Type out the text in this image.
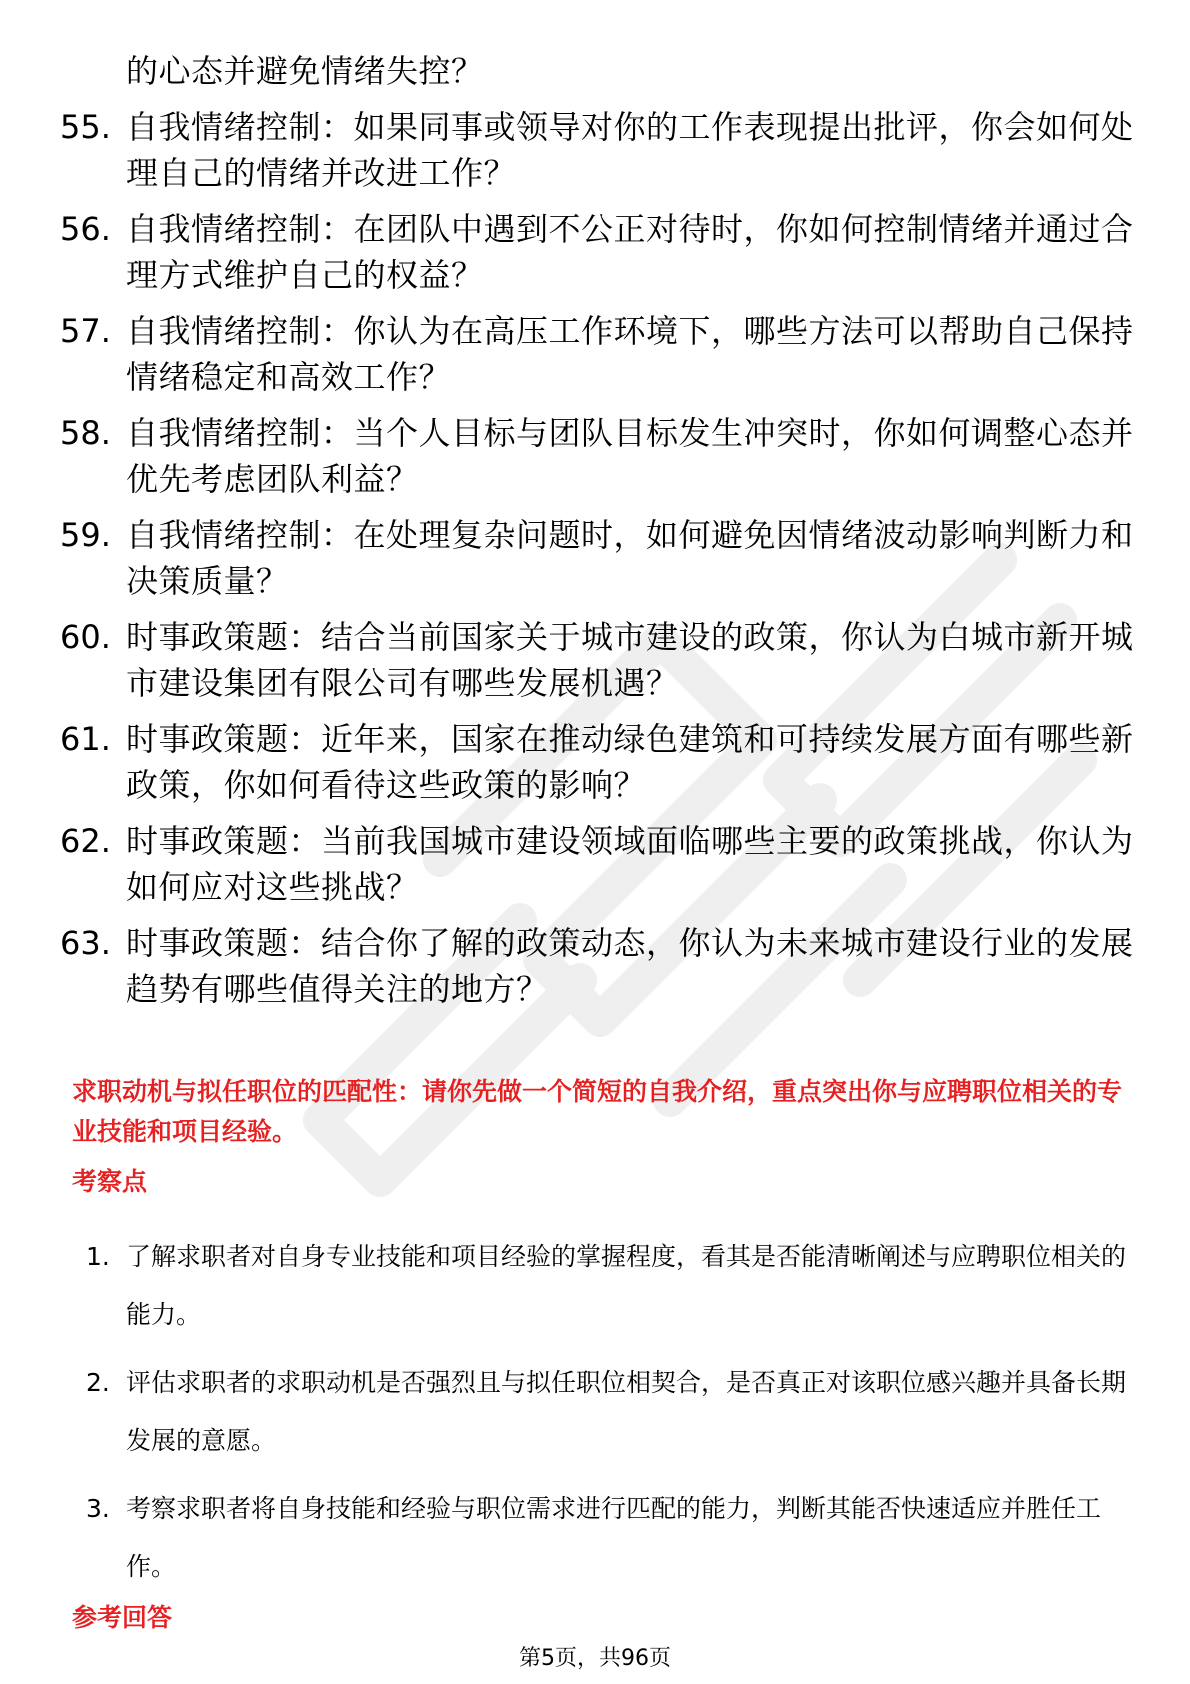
的心态并避免情绪失控？
55. 自我情绪控制：如果同事或领导对你的工作表现提出批评，你会如何处理自己的情绪并改进工作？
56. 自我情绪控制：在团队中遇到不公正对待时，你如何控制情绪并通过合理方式维护自己的权益？
57. 自我情绪控制：你认为在高压工作环境下，哪些方法可以帮助自己保持情绪稳定和高效工作？
58. 自我情绪控制：当个人目标与团队目标发生冲突时，你如何调整心态并优先考虑团队利益？
59. 自我情绪控制：在处理复杂问题时，如何避免因情绪波动影响判断力和决策质量？
60. 时事政策题：结合当前国家关于城市建设的政策，你认为白城市新开城市建设集团有限公司有哪些发展机遇？
61. 时事政策题：近年来，国家在推动绿色建筑和可持续发展方面有哪些新政策，你如何看待这些政策的影响？
62. 时事政策题：当前我国城市建设领域面临哪些主要的政策挑战，你认为如何应对这些挑战？
63. 时事政策题：结合你了解的政策动态，你认为未来城市建设行业的发展趋势有哪些值得关注的地方？
求职动机与拟任职位的匹配性：请你先做一个简短的自我介绍，重点突出你与应聘职位相关的专业技能和项目经验。
考察点
1. 了解求职者对自身专业技能和项目经验的掌握程度，看其是否能清晰阐述与应聘职位相关的能力。
2. 评估求职者的求职动机是否强烈且与拟任职位相契合，是否真正对该职位感兴趣并具备长期发展的意愿。
3. 考察求职者将自身技能和经验与职位需求进行匹配的能力，判断其能否快速适应并胜任工作。
参考回答
第5页，共96页
